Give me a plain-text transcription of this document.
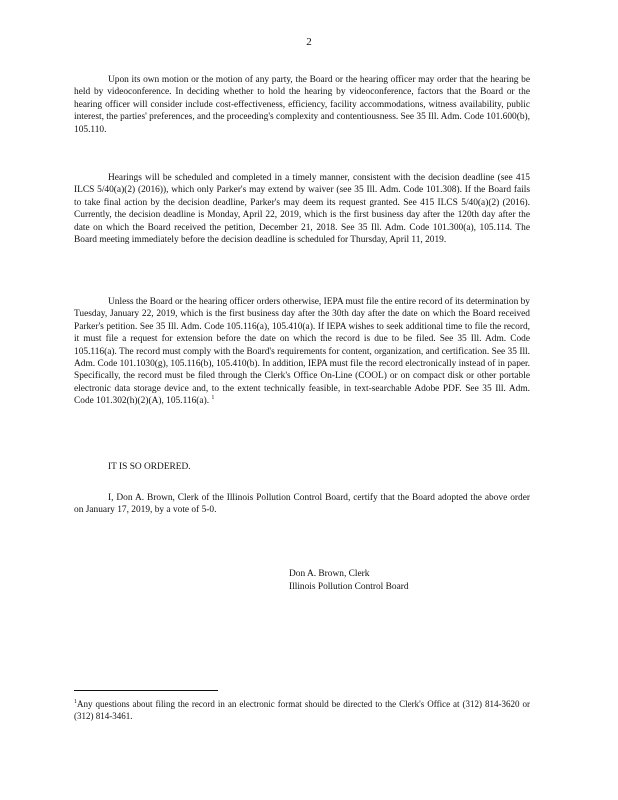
2

Upon its own motion or the motion of any party, the Board or the hearing officer may order that the hearing be held by videoconference. In deciding whether to hold the hearing by videoconference, factors that the Board or the hearing officer will consider include cost-effectiveness, efficiency, facility accommodations, witness availability, public interest, the parties' preferences, and the proceeding's complexity and contentiousness. See 35 Ill. Adm. Code 101.600(b), 105.110.

Hearings will be scheduled and completed in a timely manner, consistent with the decision deadline (see 415 ILCS 5/40(a)(2) (2016)), which only Parker's may extend by waiver (see 35 Ill. Adm. Code 101.308). If the Board fails to take final action by the decision deadline, Parker's may deem its request granted. See 415 ILCS 5/40(a)(2) (2016). Currently, the decision deadline is Monday, April 22, 2019, which is the first business day after the 120th day after the date on which the Board received the petition, December 21, 2018. See 35 Ill. Adm. Code 101.300(a), 105.114. The Board meeting immediately before the decision deadline is scheduled for Thursday, April 11, 2019.

Unless the Board or the hearing officer orders otherwise, IEPA must file the entire record of its determination by Tuesday, January 22, 2019, which is the first business day after the 30th day after the date on which the Board received Parker's petition. See 35 Ill. Adm. Code 105.116(a), 105.410(a). If IEPA wishes to seek additional time to file the record, it must file a request for extension before the date on which the record is due to be filed. See 35 Ill. Adm. Code 105.116(a). The record must comply with the Board's requirements for content, organization, and certification. See 35 Ill. Adm. Code 101.1030(g), 105.116(b), 105.410(b). In addition, IEPA must file the record electronically instead of in paper. Specifically, the record must be filed through the Clerk's Office On-Line (COOL) or on compact disk or other portable electronic data storage device and, to the extent technically feasible, in text-searchable Adobe PDF. See 35 Ill. Adm. Code 101.302(h)(2)(A), 105.116(a). $^1$

IT IS SO ORDERED.

I, Don A. Brown, Clerk of the Illinois Pollution Control Board, certify that the Board adopted the above order on January 17, 2019, by a vote of 5-0.

Don A. Brown, Clerk
Illinois Pollution Control Board

$^1$Any questions about filing the record in an electronic format should be directed to the Clerk's Office at (312) 814-3620 or (312) 814-3461.
